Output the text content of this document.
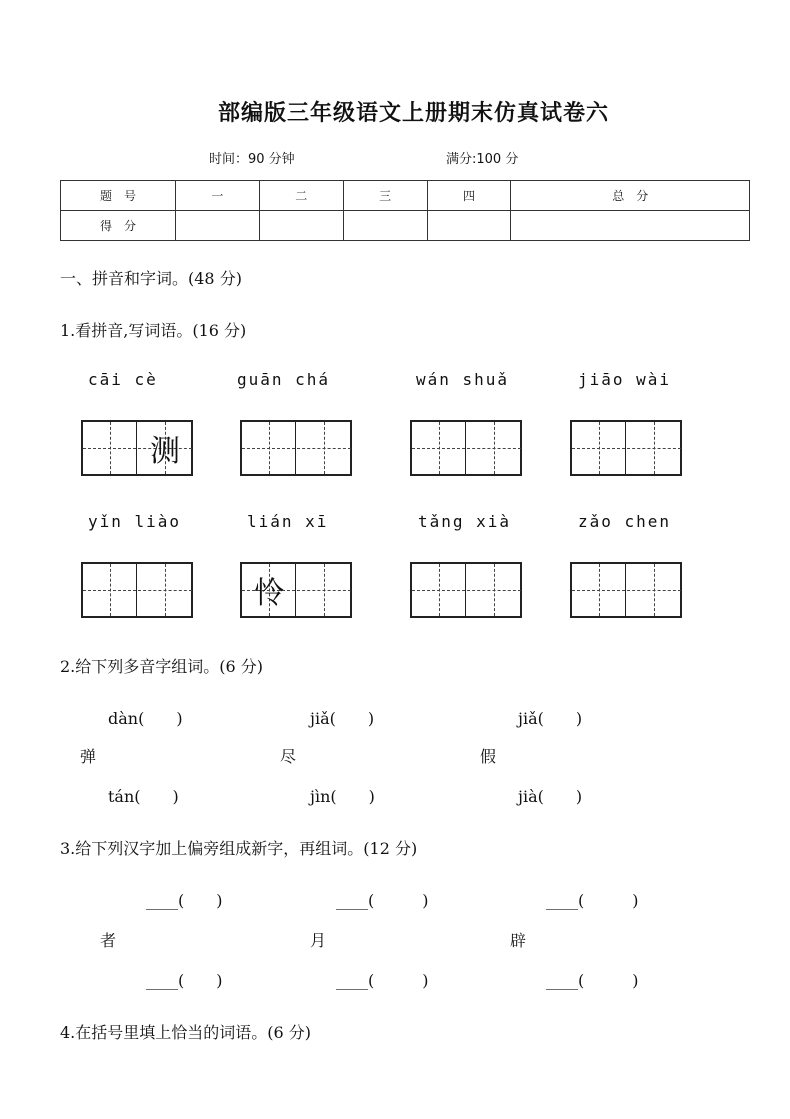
部编版三年级语文上册期末仿真试卷六
时间：90 分钟	满分:100 分
题　号	一	二	三	四	总　分
得　分					
一、拼音和字词。(48 分)
1.看拼音,写词语。(16 分)
cāi cè	guān chá	wán shuǎ	jiāo wài
测
yǐn liào	lián xī	tǎng xià	zǎo chen
怜
2.给下列多音字组词。(6 分)
dàn(　　)	jiǎ(　　)	jiǎ(　　)
弹	尽	假
tán(　　)	jìn(　　)	jià(　　)
3.给下列汉字加上偏旁组成新字，再组词。(12 分)
____(　　)	____(　　　)	____(　　　)
者	月	辟
____(　　)	____(　　　)	____(　　　)
4.在括号里填上恰当的词语。(6 分)
